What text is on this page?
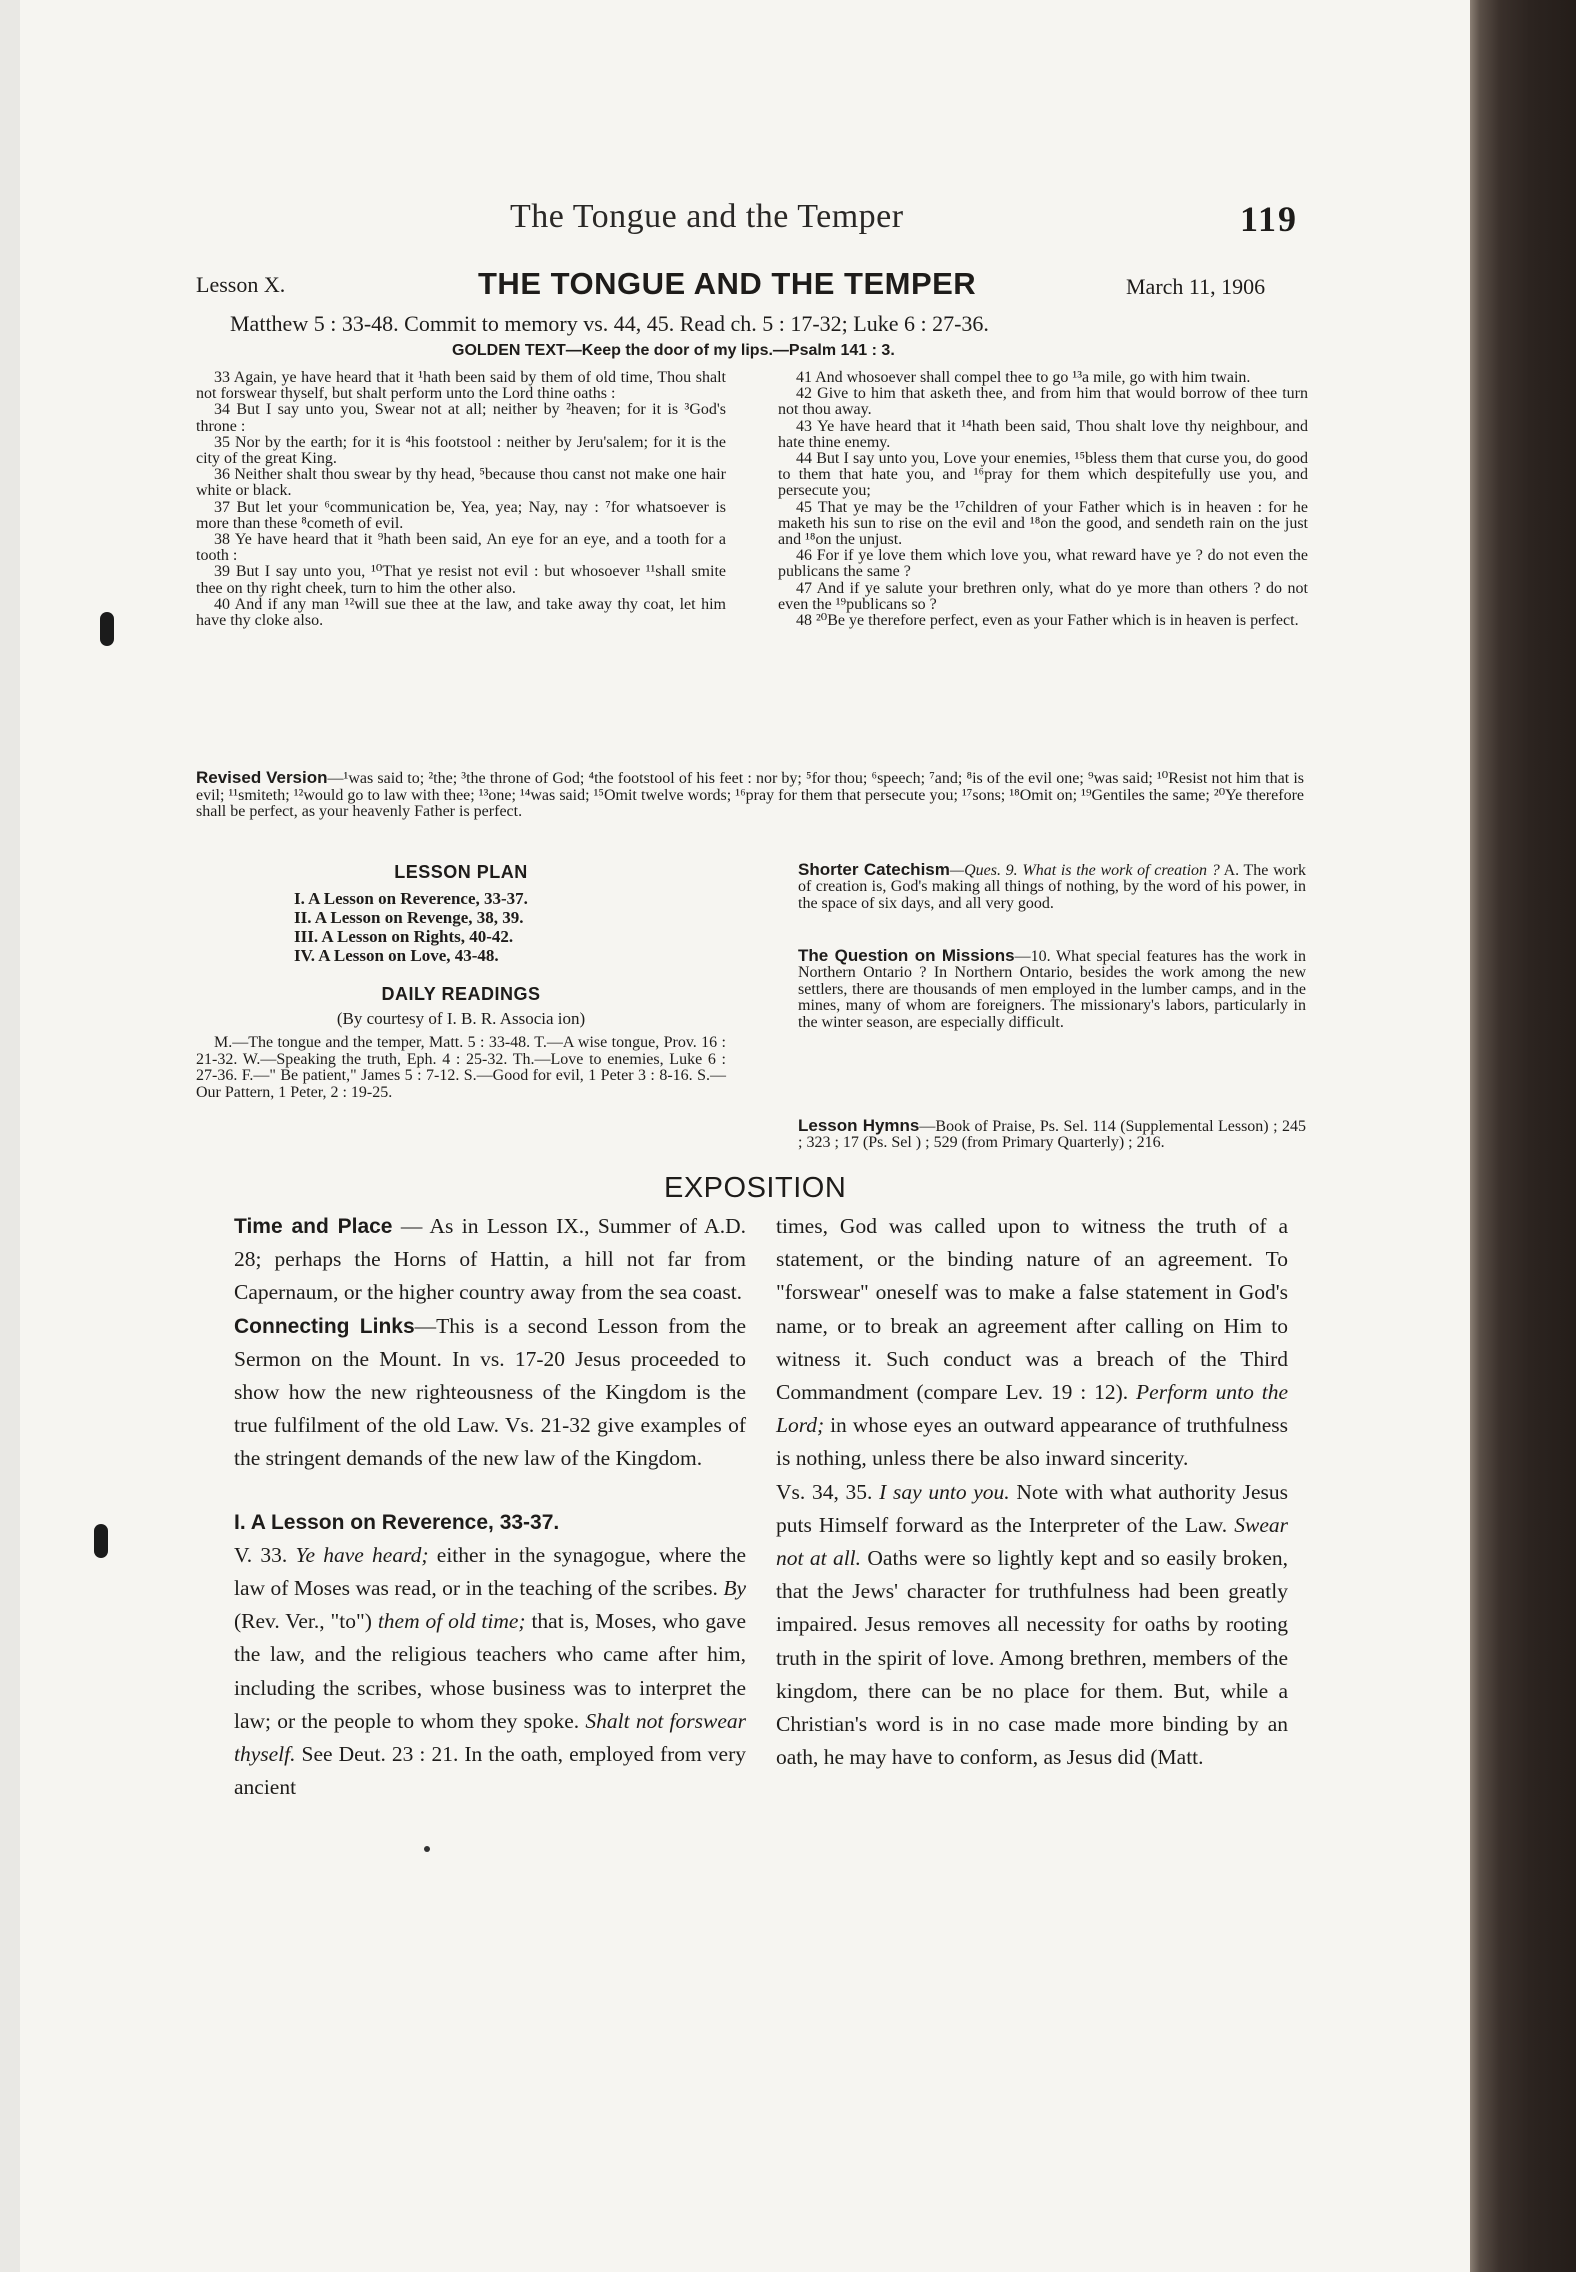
The Tongue and the Temper	119
Lesson X.	THE TONGUE AND THE TEMPER	March 11, 1906
Matthew 5 : 33-48. Commit to memory vs. 44, 45. Read ch. 5 : 17-32; Luke 6 : 27-36.
GOLDEN TEXT—Keep the door of my lips.—Psalm 141 : 3.

33 Again, ye have heard that it ¹hath been said by them of old time, Thou shalt not forswear thyself, but shalt perform unto the Lord thine oaths :

34 But I say unto you, Swear not at all; neither by ²heaven; for it is ³God's throne :

35 Nor by the earth; for it is ⁴his footstool : neither by Jeru'salem; for it is the city of the great King.

36 Neither shalt thou swear by thy head, ⁵because thou canst not make one hair white or black.

37 But let your ⁶communication be, Yea, yea; Nay, nay : ⁷for whatsoever is more than these ⁸cometh of evil.

38 Ye have heard that it ⁹hath been said, An eye for an eye, and a tooth for a tooth :

39 But I say unto you, ¹⁰That ye resist not evil : but whosoever ¹¹shall smite thee on thy right cheek, turn to him the other also.

40 And if any man ¹²will sue thee at the law, and take away thy coat, let him have thy cloke also.

41 And whosoever shall compel thee to go ¹³a mile, go with him twain.

42 Give to him that asketh thee, and from him that would borrow of thee turn not thou away.

43 Ye have heard that it ¹⁴hath been said, Thou shalt love thy neighbour, and hate thine enemy.

44 But I say unto you, Love your enemies, ¹⁵bless them that curse you, do good to them that hate you, and ¹⁶pray for them which despitefully use you, and persecute you;

45 That ye may be the ¹⁷children of your Father which is in heaven : for he maketh his sun to rise on the evil and ¹⁸on the good, and sendeth rain on the just and ¹⁸on the unjust.

46 For if ye love them which love you, what reward have ye ? do not even the publicans the same ?

47 And if ye salute your brethren only, what do ye more than others ? do not even the ¹⁹publicans so ?

48 ²⁰Be ye therefore perfect, even as your Father which is in heaven is perfect.

Revised Version—¹was said to; ²the; ³the throne of God; ⁴the footstool of his feet : nor by; ⁵for thou; ⁶speech; ⁷and; ⁸is of the evil one; ⁹was said; ¹⁰Resist not him that is evil; ¹¹smiteth; ¹²would go to law with thee; ¹³one; ¹⁴was said; ¹⁵Omit twelve words; ¹⁶pray for them that persecute you; ¹⁷sons; ¹⁸Omit on; ¹⁹Gentiles the same; ²⁰Ye therefore shall be perfect, as your heavenly Father is perfect.
LESSON PLAN
I. A Lesson on Reverence, 33-37.
II. A Lesson on Revenge, 38, 39.
III. A Lesson on Rights, 40-42.
IV. A Lesson on Love, 43-48.
DAILY READINGS
(By courtesy of I. B. R. Associa ion)
M.—The tongue and the temper, Matt. 5 : 33-48. T.—A wise tongue, Prov. 16 : 21-32. W.—Speaking the truth, Eph. 4 : 25-32. Th.—Love to enemies, Luke 6 : 27-36. F.—" Be patient," James 5 : 7-12. S.—Good for evil, 1 Peter 3 : 8-16. S.—Our Pattern, 1 Peter, 2 : 19-25.
Shorter Catechism—Ques. 9. What is the work of creation ? A. The work of creation is, God's making all things of nothing, by the word of his power, in the space of six days, and all very good.
The Question on Missions—10. What special features has the work in Northern Ontario ? In Northern Ontario, besides the work among the new settlers, there are thousands of men employed in the lumber camps, and in the mines, many of whom are foreigners. The missionary's labors, particularly in the winter season, are especially difficult.
Lesson Hymns—Book of Praise, Ps. Sel. 114 (Supplemental Lesson) ; 245 ; 323 ; 17 (Ps. Sel ) ; 529 (from Primary Quarterly) ; 216.
EXPOSITION

Time and Place — As in Lesson IX., Summer of A.D. 28; perhaps the Horns of Hattin, a hill not far from Capernaum, or the higher country away from the sea coast.

Connecting Links—This is a second Lesson from the Sermon on the Mount. In vs. 17-20 Jesus proceeded to show how the new righteousness of the Kingdom is the true fulfilment of the old Law. Vs. 21-32 give examples of the stringent demands of the new law of the Kingdom.

I. A Lesson on Reverence, 33-37.

V. 33. Ye have heard; either in the synagogue, where the law of Moses was read, or in the teaching of the scribes. By (Rev. Ver., "to") them of old time; that is, Moses, who gave the law, and the religious teachers who came after him, including the scribes, whose business was to interpret the law; or the people to whom they spoke. Shalt not forswear thyself. See Deut. 23 : 21. In the oath, employed from very ancient

times, God was called upon to witness the truth of a statement, or the binding nature of an agreement. To "forswear" oneself was to make a false statement in God's name, or to break an agreement after calling on Him to witness it. Such conduct was a breach of the Third Commandment (compare Lev. 19 : 12). Perform unto the Lord; in whose eyes an outward appearance of truthfulness is nothing, unless there be also inward sincerity.

Vs. 34, 35. I say unto you. Note with what authority Jesus puts Himself forward as the Interpreter of the Law. Swear not at all. Oaths were so lightly kept and so easily broken, that the Jews' character for truthfulness had been greatly impaired. Jesus removes all necessity for oaths by rooting truth in the spirit of love. Among brethren, members of the kingdom, there can be no place for them. But, while a Christian's word is in no case made more binding by an oath, he may have to conform, as Jesus did (Matt.
